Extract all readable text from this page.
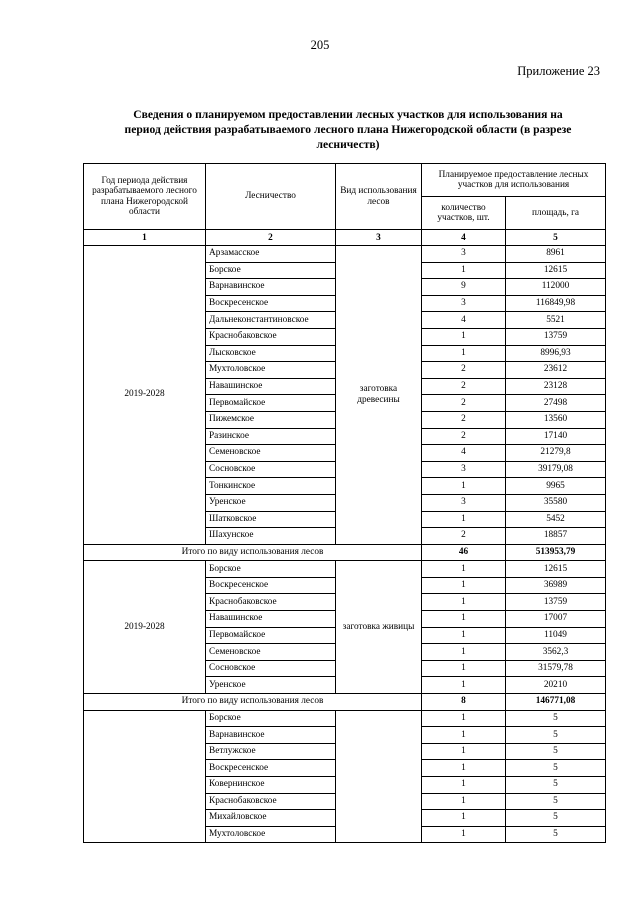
205
Приложение 23
Сведения о планируемом предоставлении лесных участков для использования на
период действия разрабатываемого лесного плана Нижегородской области (в разрезе
лесничеств)
Год периода действия разрабатываемого лесного плана Нижегородской области	Лесничество	Вид использования лесов	Планируемое предоставление лесных участков для использования	
			количество участков, шт.	площадь, га
1	2	3	4	5
2019-2028	Арзамасское	заготовка древесины	3	8961
	Борское		1	12615
	Варнавинское		9	112000
	Воскресенское		3	116849,98
	Дальнеконстантиновское		4	5521
	Краснобаковское		1	13759
	Лысковское		1	8996,93
	Мухтоловское		2	23612
	Навашинское		2	23128
	Первомайское		2	27498
	Пижемское		2	13560
	Разинское		2	17140
	Семеновское		4	21279,8
	Сосновское		3	39179,08
	Тонкинское		1	9965
	Уренское		3	35580
	Шатковское		1	5452
	Шахунское		2	18857
Итого по виду использования лесов			46	513953,79
2019-2028	Борское	заготовка живицы	1	12615
	Воскресенское		1	36989
	Краснобаковское		1	13759
	Навашинское		1	17007
	Первомайское		1	11049
	Семеновское		1	3562,3
	Сосновское		1	31579,78
	Уренское		1	20210
Итого по виду использования лесов			8	146771,08
	Борское		1	5
	Варнавинское		1	5
	Ветлужское		1	5
	Воскресенское		1	5
	Ковернинское		1	5
	Краснобаковское		1	5
	Михайловское		1	5
	Мухтоловское		1	5
